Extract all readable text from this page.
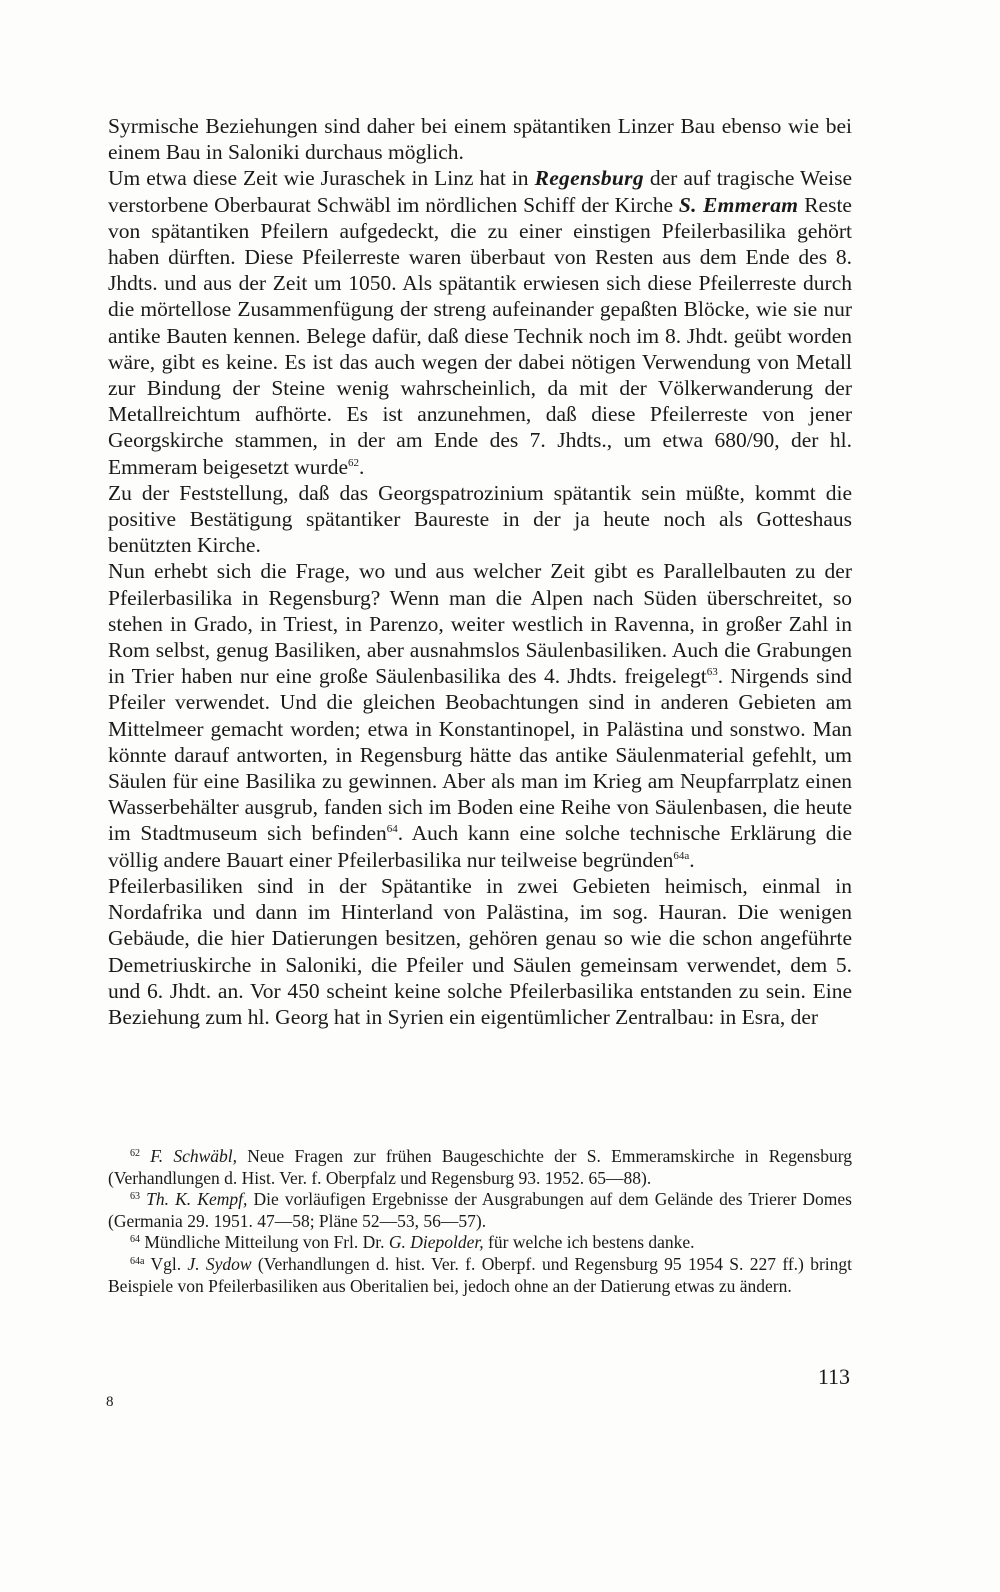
Syrmische Beziehungen sind daher bei einem spätantiken Linzer Bau ebenso wie bei einem Bau in Saloniki durchaus möglich.

Um etwa diese Zeit wie Juraschek in Linz hat in Regensburg der auf tragische Weise verstorbene Oberbaurat Schwäbl im nördlichen Schiff der Kirche S. Emmeram Reste von spätantiken Pfeilern aufgedeckt, die zu einer einstigen Pfeilerbasilika gehört haben dürften. Diese Pfeilerreste waren überbaut von Resten aus dem Ende des 8. Jhdts. und aus der Zeit um 1050. Als spätantik erwiesen sich diese Pfeilerreste durch die mörtellose Zusammenfügung der streng aufeinander gepaßten Blöcke, wie sie nur antike Bauten kennen. Belege dafür, daß diese Technik noch im 8. Jhdt. geübt worden wäre, gibt es keine. Es ist das auch wegen der dabei nötigen Verwendung von Metall zur Bindung der Steine wenig wahrscheinlich, da mit der Völkerwanderung der Metallreichtum aufhörte. Es ist anzunehmen, daß diese Pfeilerreste von jener Georgskirche stammen, in der am Ende des 7. Jhdts., um etwa 680/90, der hl. Emmeram beigesetzt wurde$^{62}$.

Zu der Feststellung, daß das Georgspatrozinium spätantik sein müßte, kommt die positive Bestätigung spätantiker Baureste in der ja heute noch als Gotteshaus benützten Kirche.

Nun erhebt sich die Frage, wo und aus welcher Zeit gibt es Parallelbauten zu der Pfeilerbasilika in Regensburg? Wenn man die Alpen nach Süden überschreitet, so stehen in Grado, in Triest, in Parenzo, weiter westlich in Ravenna, in großer Zahl in Rom selbst, genug Basiliken, aber ausnahmslos Säulenbasiliken. Auch die Grabungen in Trier haben nur eine große Säulenbasilika des 4. Jhdts. freigelegt$^{63}$. Nirgends sind Pfeiler verwendet. Und die gleichen Beobachtungen sind in anderen Gebieten am Mittelmeer gemacht worden; etwa in Konstantinopel, in Palästina und sonstwo. Man könnte darauf antworten, in Regensburg hätte das antike Säulenmaterial gefehlt, um Säulen für eine Basilika zu gewinnen. Aber als man im Krieg am Neupfarrplatz einen Wasserbehälter ausgrub, fanden sich im Boden eine Reihe von Säulenbasen, die heute im Stadtmuseum sich befinden$^{64}$. Auch kann eine solche technische Erklärung die völlig andere Bauart einer Pfeilerbasilika nur teilweise begründen$^{64a}$.

Pfeilerbasiliken sind in der Spätantike in zwei Gebieten heimisch, einmal in Nordafrika und dann im Hinterland von Palästina, im sog. Hauran. Die wenigen Gebäude, die hier Datierungen besitzen, gehören genau so wie die schon angeführte Demetriuskirche in Saloniki, die Pfeiler und Säulen gemeinsam verwendet, dem 5. und 6. Jhdt. an. Vor 450 scheint keine solche Pfeilerbasilika entstanden zu sein. Eine Beziehung zum hl. Georg hat in Syrien ein eigentümlicher Zentralbau: in Esra, der

$^{62}$ F. Schwäbl, Neue Fragen zur frühen Baugeschichte der S. Emmeramskirche in Regensburg (Verhandlungen d. Hist. Ver. f. Oberpfalz und Regensburg 93. 1952. 65—88).

$^{63}$ Th. K. Kempf, Die vorläufigen Ergebnisse der Ausgrabungen auf dem Gelände des Trierer Domes (Germania 29. 1951. 47—58; Pläne 52—53, 56—57).

$^{64}$ Mündliche Mitteilung von Frl. Dr. G. Diepolder, für welche ich bestens danke.

$^{64a}$ Vgl. J. Sydow (Verhandlungen d. hist. Ver. f. Oberpf. und Regensburg 95 1954 S. 227 ff.) bringt Beispiele von Pfeilerbasiliken aus Oberitalien bei, jedoch ohne an der Datierung etwas zu ändern.

113
8
